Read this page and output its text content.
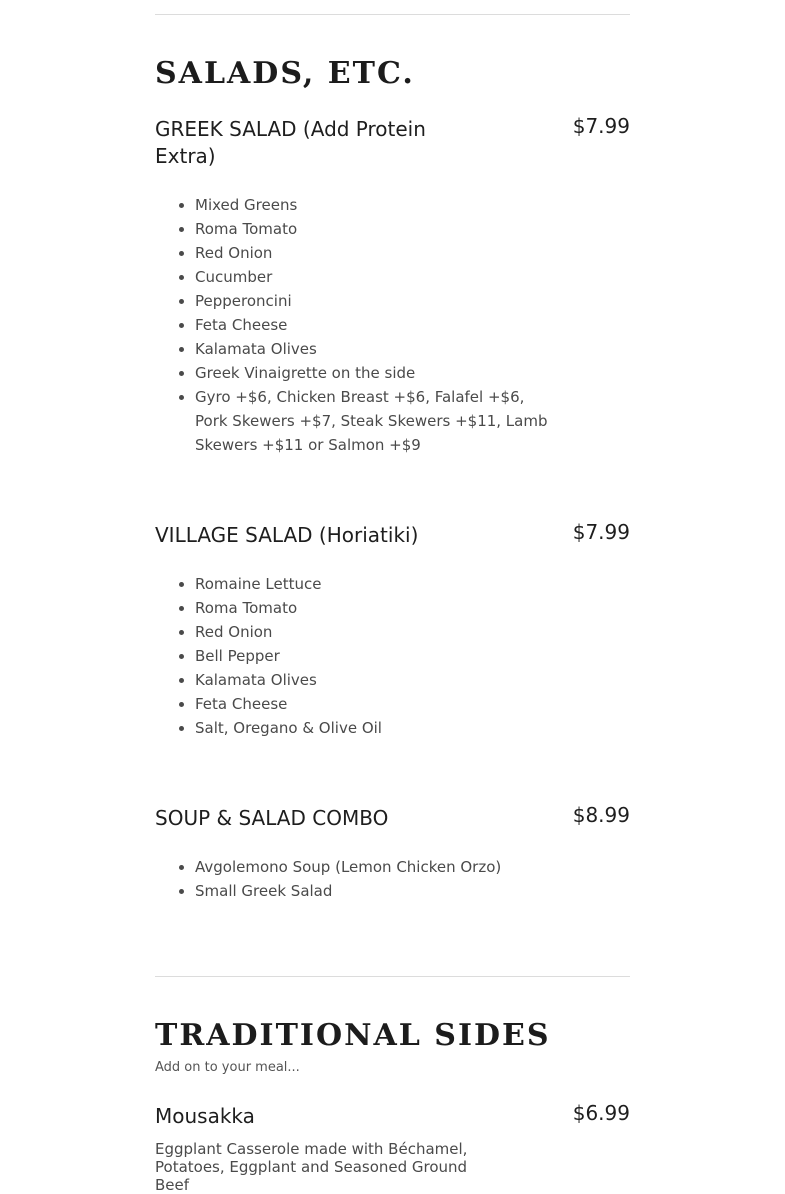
SALADS, ETC.
GREEK SALAD (Add Protein Extra)
$7.99
• Mixed Greens
• Roma Tomato
• Red Onion
• Cucumber
• Pepperoncini
• Feta Cheese
• Kalamata Olives
• Greek Vinaigrette on the side
• Gyro +$6, Chicken Breast +$6, Falafel +$6, Pork Skewers +$7, Steak Skewers +$11, Lamb Skewers +$11 or Salmon +$9
VILLAGE SALAD (Horiatiki)	$7.99
• Romaine Lettuce
• Roma Tomato
• Red Onion
• Bell Pepper
• Kalamata Olives
• Feta Cheese
• Salt, Oregano & Olive Oil
SOUP & SALAD COMBO	$8.99
• Avgolemono Soup (Lemon Chicken Orzo)
• Small Greek Salad
TRADITIONAL SIDES

Add on to your meal...

Mousakka	$6.99

Eggplant Casserole made with Béchamel, Potatoes, Eggplant and Seasoned Ground Beef
